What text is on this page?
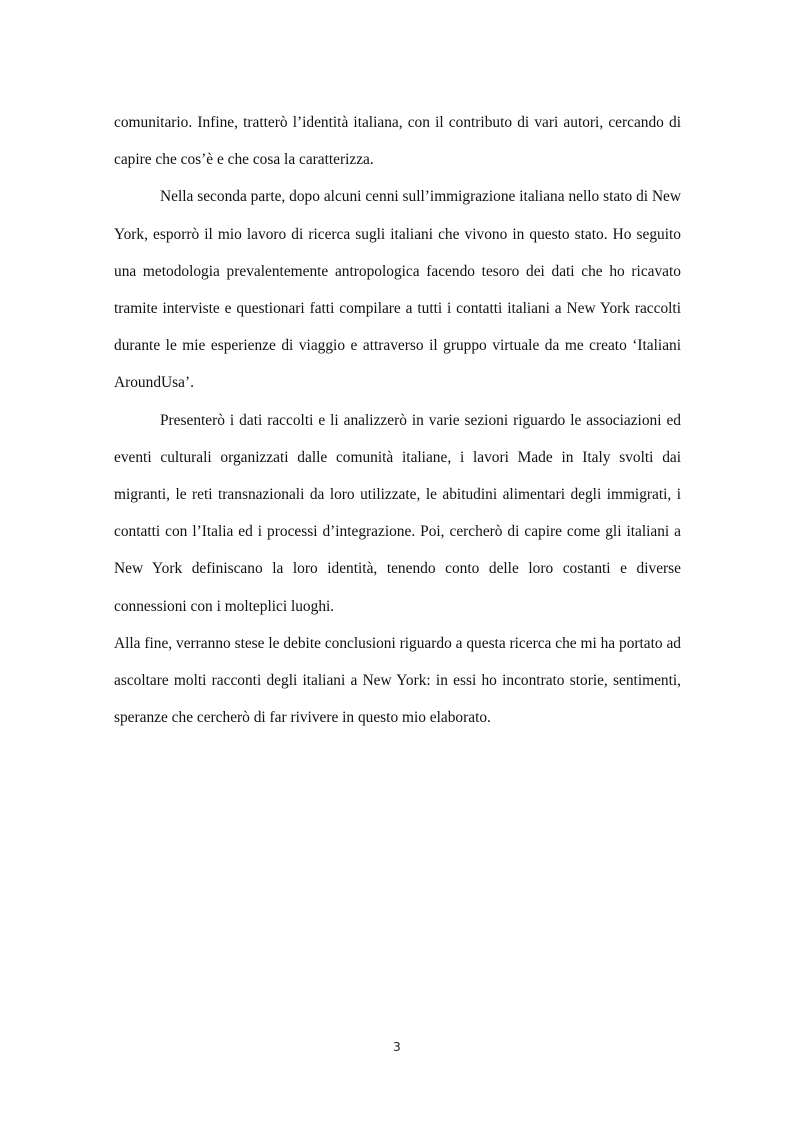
comunitario. Infine, tratterò l’identità italiana, con il contributo di vari autori, cercando di capire che cos’è e che cosa la caratterizza.

Nella seconda parte, dopo alcuni cenni sull’immigrazione italiana nello stato di New York, esporrò il mio lavoro di ricerca sugli italiani che vivono in questo stato. Ho seguito una metodologia prevalentemente antropologica facendo tesoro dei dati che ho ricavato tramite interviste e questionari fatti compilare a tutti i contatti italiani a New York raccolti durante le mie esperienze di viaggio e attraverso il gruppo virtuale da me creato ‘Italiani AroundUsa’.

Presenterò i dati raccolti e li analizzerò in varie sezioni riguardo le associazioni ed eventi culturali organizzati dalle comunità italiane, i lavori Made in Italy svolti dai migranti, le reti transnazionali da loro utilizzate, le abitudini alimentari degli immigrati, i contatti con l’Italia ed i processi d’integrazione. Poi, cercherò di capire come gli italiani a New York definiscano la loro identità, tenendo conto delle loro costanti e diverse connessioni con i molteplici luoghi.

Alla fine, verranno stese le debite conclusioni riguardo a questa ricerca che mi ha portato ad ascoltare molti racconti degli italiani a New York: in essi ho incontrato storie, sentimenti, speranze che cercherò di far rivivere in questo mio elaborato.

3
